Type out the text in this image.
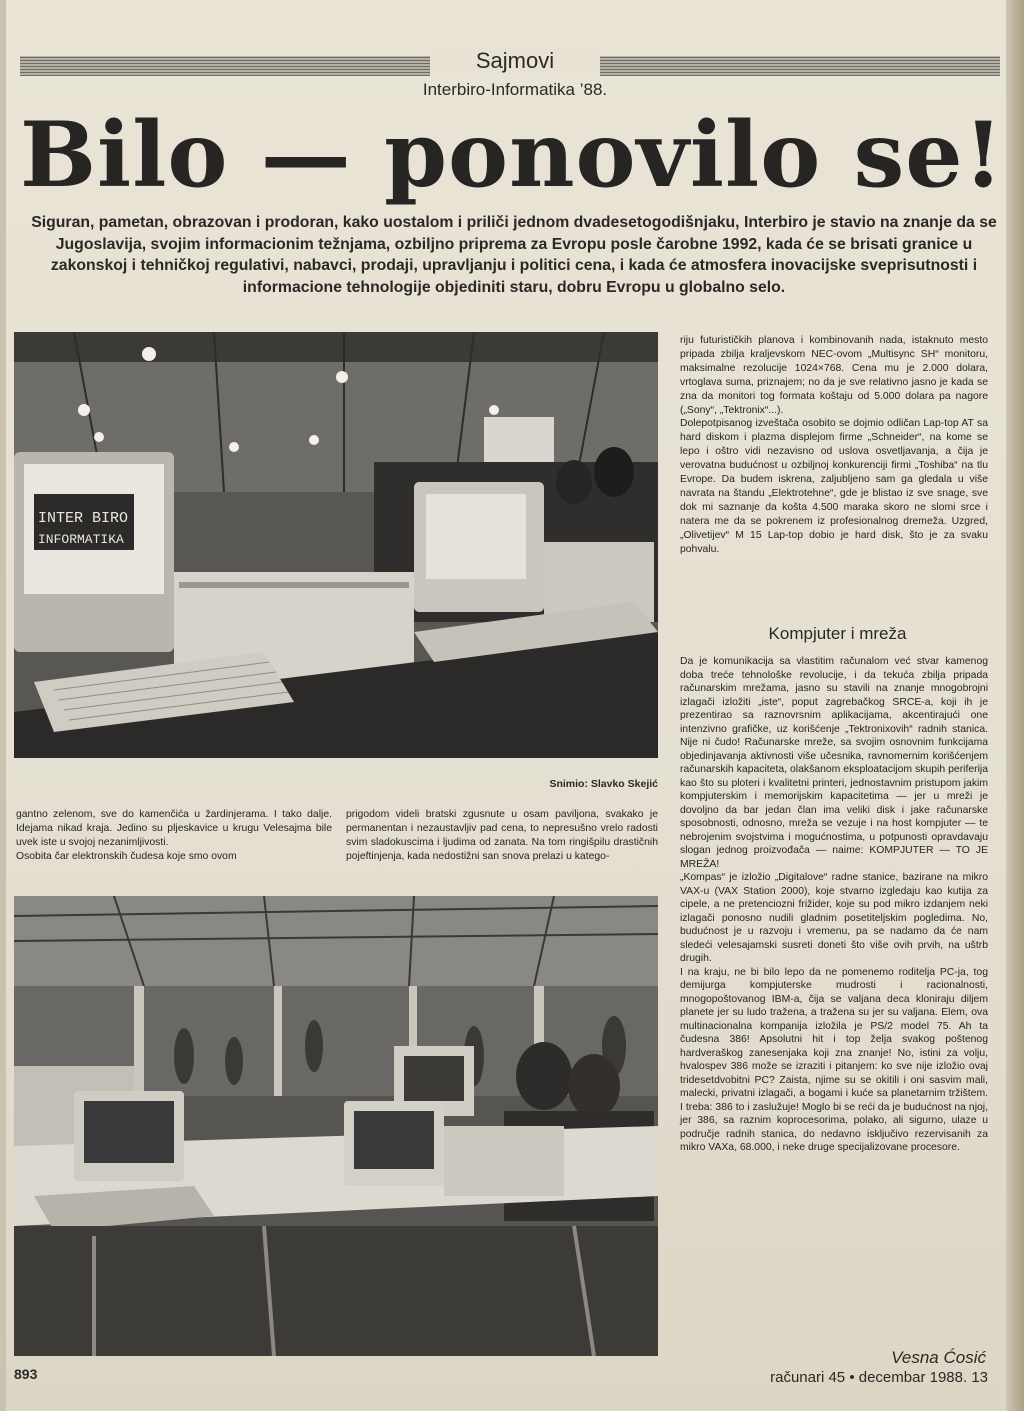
Sajmovi
Interbiro-Informatika ’88.
Bilo — ponovilo se!
Siguran, pametan, obrazovan i prodoran, kako uostalom i priliči jednom dvadesetogodišnjaku, Interbiro je stavio na znanje da se Jugoslavija, svojim informacionim težnjama, ozbiljno priprema za Evropu posle čarobne 1992, kada će se brisati granice u zakonskoj i tehničkoj regulativi, nabavci, prodaji, upravljanju i politici cena, i kada će atmosfera inovacijske sveprisutnosti i informacione tehnologije objediniti staru, dobru Evropu u globalno selo.
INTER BIRO
INFORMATIKA
Snimio: Slavko Skejić
gantno zelenom, sve do kamenčića u žardinjerama. I tako dalje. Idejama nikad kraja. Jedino su pljeskavice u krugu Velesajma bile uvek iste u svojoj nezanimljivosti.
Osobita čar elektronskih čudesa koje smo ovom
prigodom videli bratski zgusnute u osam paviljona, svakako je permanentan i nezaustavljiv pad cena, to nepresušno vrelo radosti svim sladokuscima i ljudima od zanata. Na tom ringišpilu drastičnih pojeftinjenja, kada nedostižni san snova prelazi u katego-
riju futurističkih planova i kombinovanih nada, istaknuto mesto pripada zbilja kraljevskom NEC-ovom „Multisync SH“ monitoru, maksimalne rezolucije 1024×768. Cena mu je 2.000 dolara, vrtoglava suma, priznajem; no da je sve relativno jasno je kada se zna da monitori tog formata koštaju od 5.000 dolara pa nagore („Sony“, „Tektronix“...).
Dolepotpisanog izveštača osobito se dojmio odličan Lap-top AT sa hard diskom i plazma displejom firme „Schneider“, na kome se lepo i oštro vidi nezavisno od uslova osvetljavanja, a čija je verovatna budućnost u ozbiljnoj konkurenciji firmi „Toshiba“ na tlu Evrope. Da budem iskrena, zaljubljeno sam ga gledala u više navrata na štandu „Elektrotehne“, gde je blistao iz sve snage, sve dok mi saznanje da košta 4.500 maraka skoro ne slomi srce i natera me da se pokrenem iz profesionalnog dremeža. Uzgred, „Olivetijev“ M 15 Lap-top dobio je hard disk, što je za svaku pohvalu.
Kompjuter i mreža
Da je komunikacija sa vlastitim računalom već stvar kamenog doba treće tehnološke revolucije, i da tekuća zbilja pripada računarskim mrežama, jasno su stavili na znanje mnogobrojni izlagači izložiti „iste“, poput zagrebačkog SRCE-a, koji ih je prezentirao sa raznovrsnim aplikacijama, akcentirajući one intenzivno grafičke, uz korišćenje „Tektronixovih“ radnih stanica. Nije ni čudo! Računarske mreže, sa svojim osnovnim funkcijama objedinjavanja aktivnosti više učesnika, ravnomernim korišćenjem računarskih kapaciteta, olakšanom eksploatacijom skupih periferija kao što su ploteri i kvalitetni printeri, jednostavnim pristupom jakim kompjuterskim i memorijskim kapacitetima — jer u mreži je dovoljno da bar jedan član ima veliki disk i jake računarske sposobnosti, odnosno, mreža se vezuje i na host kompjuter — te nebrojenim svojstvima i mogućnostima, u potpunosti opravdavaju slogan jednog proizvođača — naime: KOMPJUTER — TO JE MREŽA!
„Kompas“ je izložio „Digitalove“ radne stanice, bazirane na mikro VAX-u (VAX Station 2000), koje stvarno izgledaju kao kutija za cipele, a ne pretenciozni frižider, koje su pod mikro izdanjem neki izlagači ponosno nudili gladnim posetiteljskim pogledima. No, budućnost je u razvoju i vremenu, pa se nadamo da će nam sledeći velesajamski susreti doneti što više ovih prvih, na uštrb drugih.
I na kraju, ne bi bilo lepo da ne pomenemo roditelja PC-ja, tog demijurga kompjuterske mudrosti i racionalnosti, mnogopoštovanog IBM-a, čija se valjana deca kloniraju diljem planete jer su ludo tražena, a tražena su jer su valjana. Elem, ova multinacionalna kompanija izložila je PS/2 model 75. Ah ta čudesna 386! Apsolutni hit i top želja svakog poštenog hardveraškog zanesenjaka koji zna znanje! No, istini za volju, hvalospev 386 može se izraziti i pitanjem: ko sve nije izložio ovaj tridesetdvobitni PC? Zaista, njime su se okitili i oni sasvim mali, malecki, privatni izlagači, a bogami i kuće sa planetarnim tržištem. I treba: 386 to i zaslužuje! Moglo bi se reći da je budućnost na njoj, jer 386, sa raznim koprocesorima, polako, ali sigurno, ulaze u područje radnih stanica, do nedavno isključivo rezervisanih za mikro VAXa, 68.000, i neke druge specijalizovane procesore.
Vesna Ćosić
893	računari 45 • decembar 1988. 13
